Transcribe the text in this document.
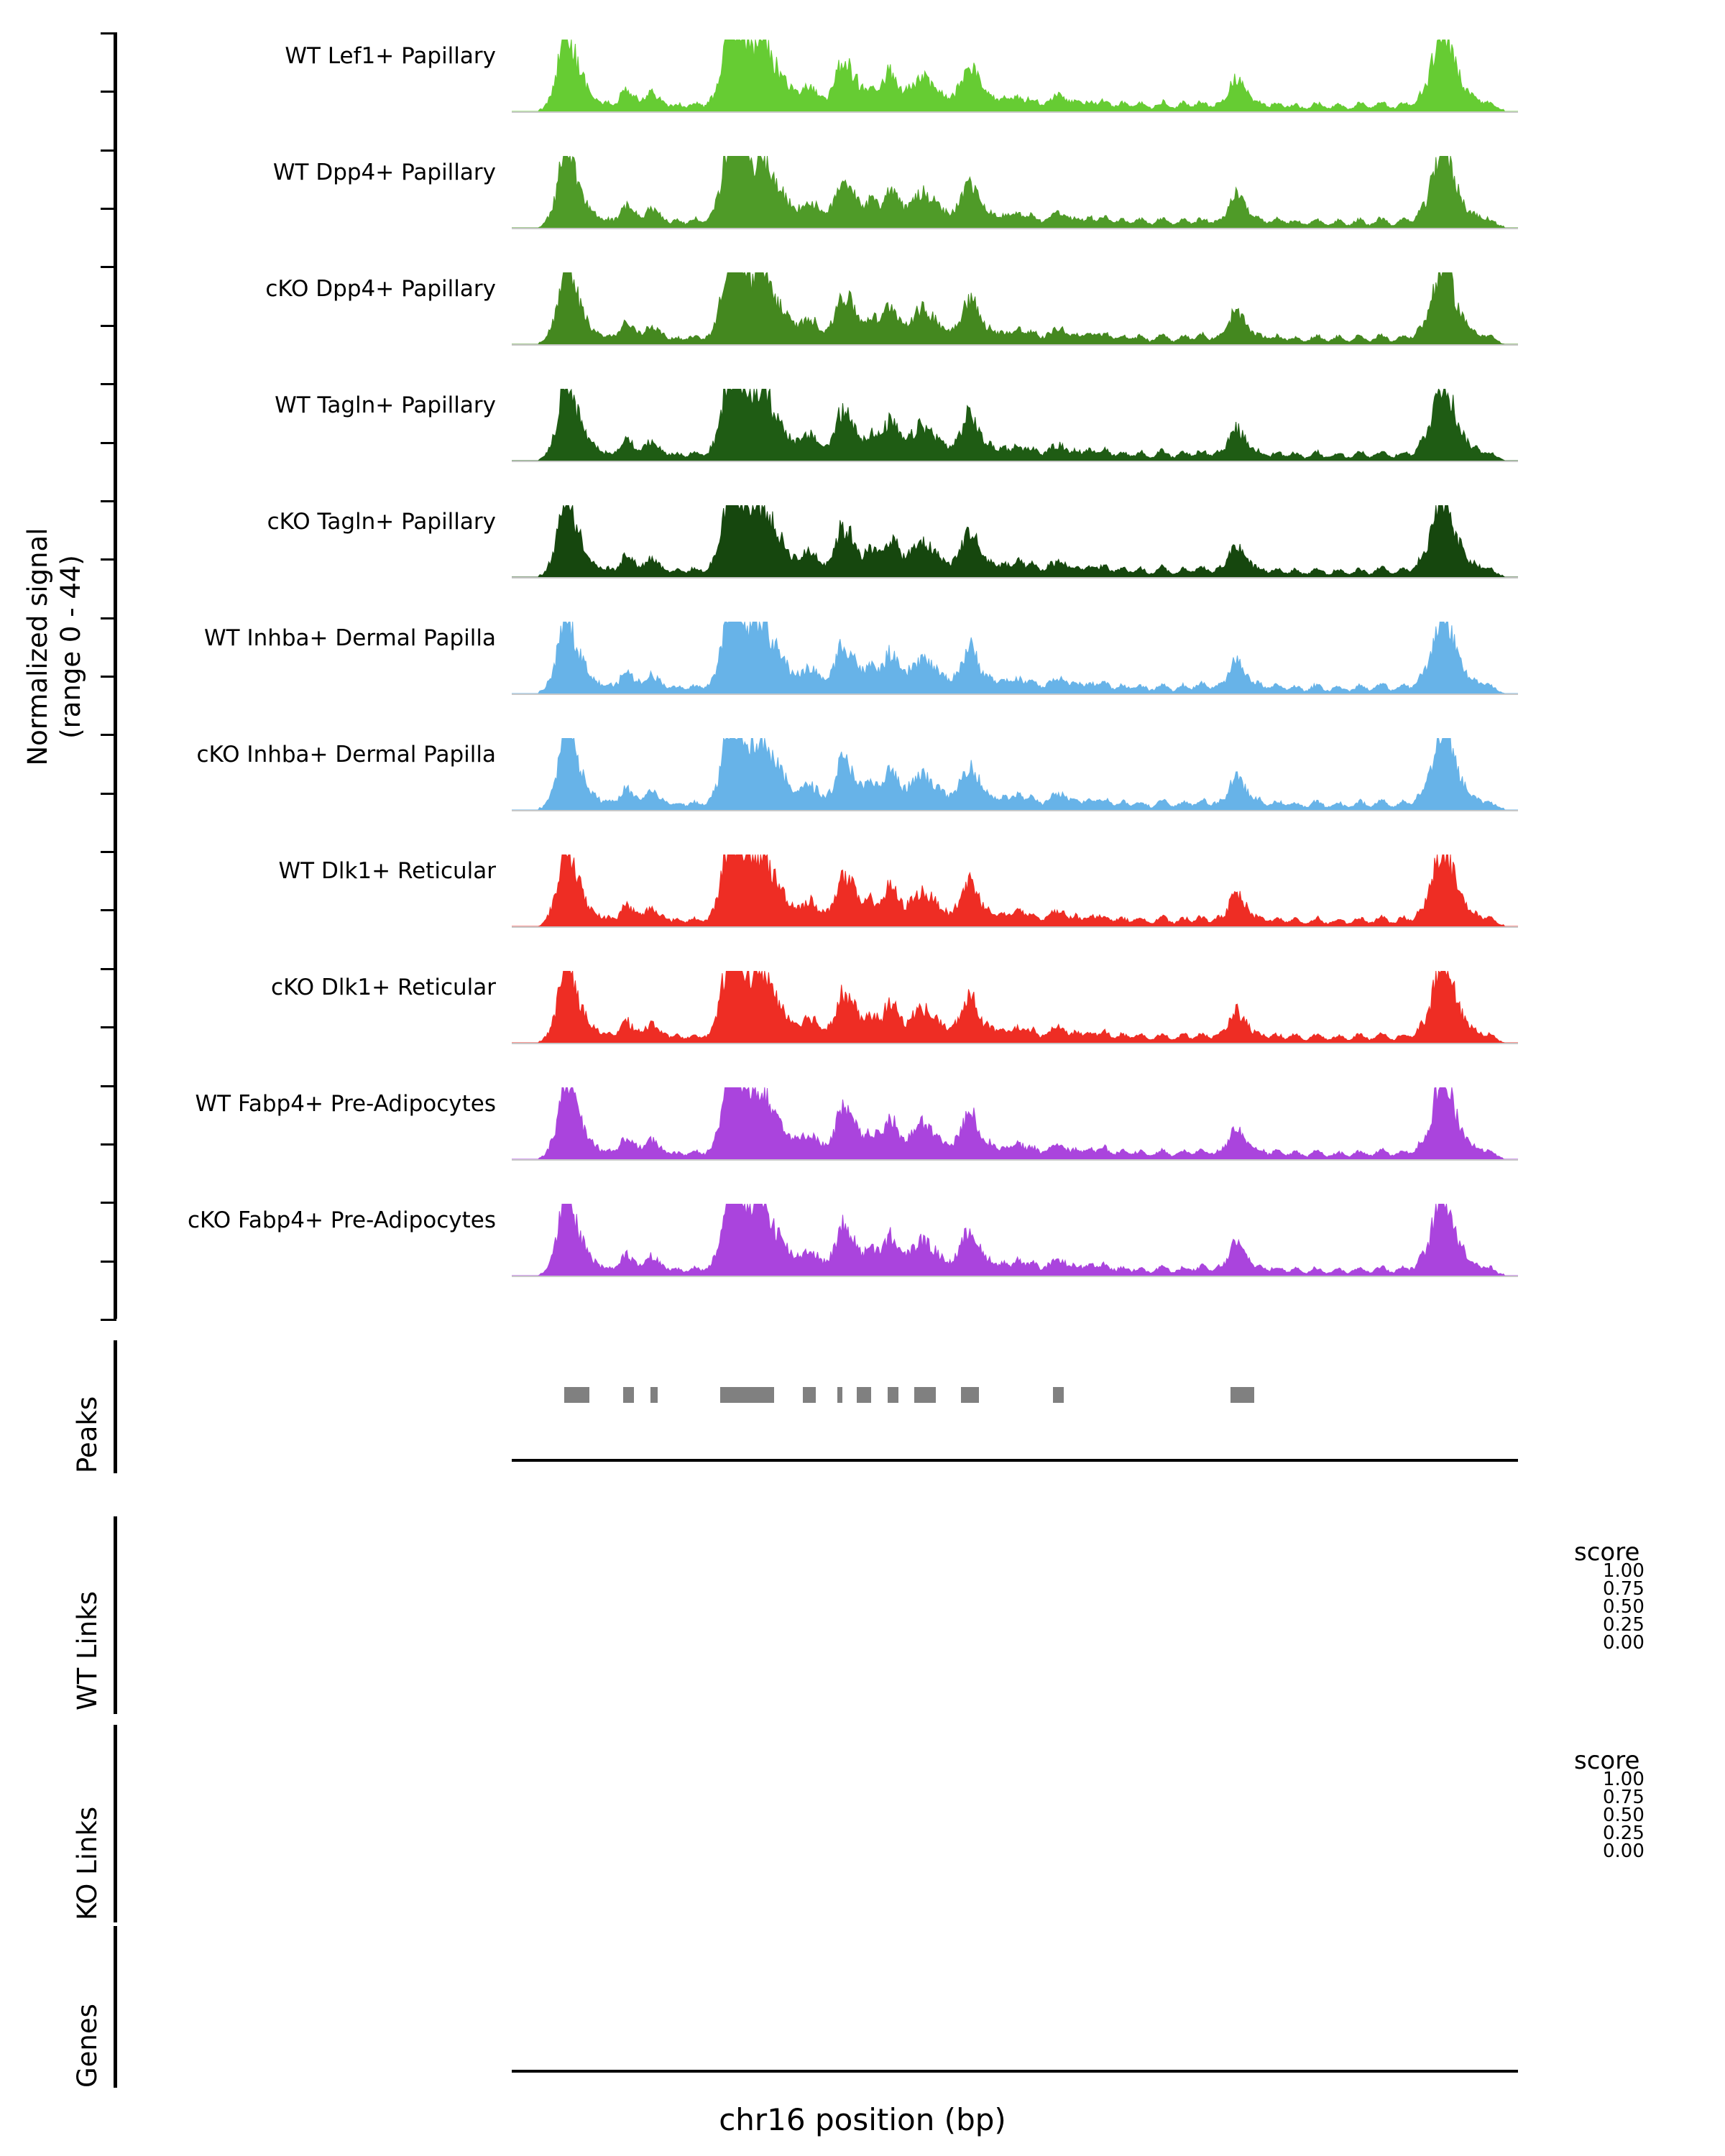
Normalized signal
(range 0 - 44)
WT Lef1+ Papillary
WT Dpp4+ Papillary
cKO Dpp4+ Papillary
WT Tagln+ Papillary
cKO Tagln+ Papillary
WT Inhba+ Dermal Papilla
cKO Inhba+ Dermal Papilla
WT Dlk1+ Reticular
cKO Dlk1+ Reticular
WT Fabp4+ Pre-Adipocytes
cKO Fabp4+ Pre-Adipocytes
Peaks
WT Links
KO Links
Genes
chr16 position (bp)
score
1.00
0.75
0.50
0.25
0.00
score
1.00
0.75
0.50
0.25
0.00
